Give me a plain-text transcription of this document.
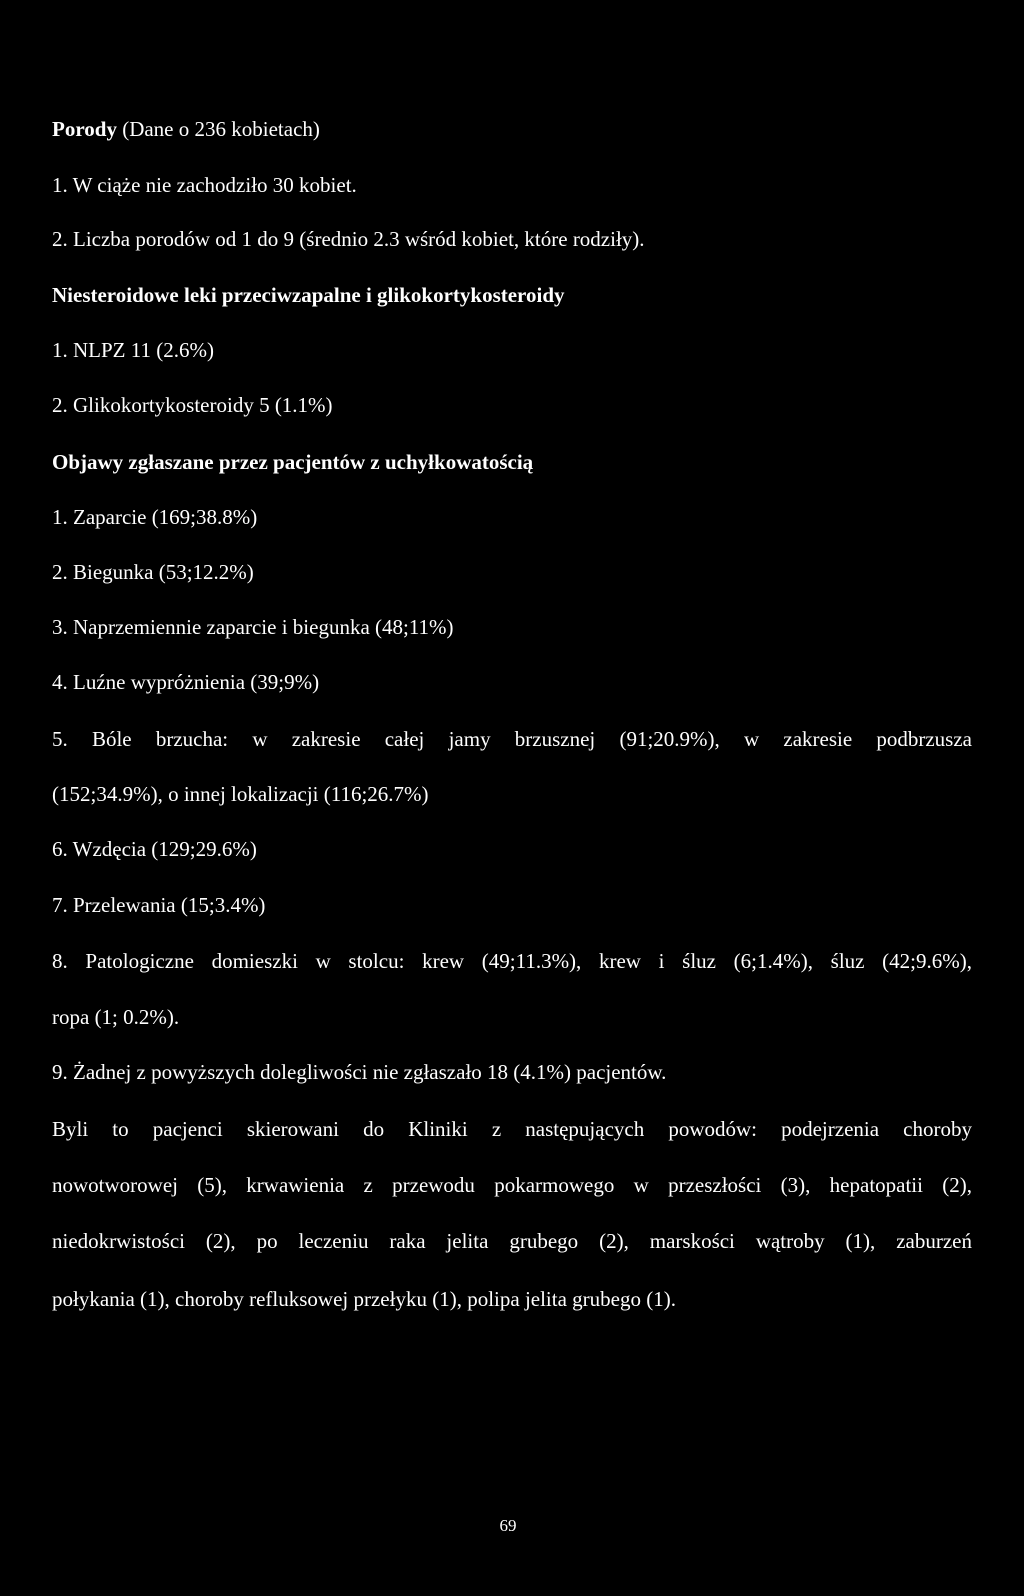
Porody (Dane o 236 kobietach)
1. W ciąże nie zachodziło 30 kobiet.
2. Liczba porodów od 1 do 9 (średnio 2.3 wśród kobiet, które rodziły).
Niesteroidowe leki przeciwzapalne i glikokortykosteroidy
1. NLPZ 11 (2.6%)
2. Glikokortykosteroidy 5 (1.1%)
Objawy zgłaszane przez pacjentów z uchyłkowatością
1. Zaparcie (169;38.8%)
2. Biegunka (53;12.2%)
3. Naprzemiennie zaparcie i biegunka (48;11%)
4. Luźne wypróżnienia (39;9%)
5. Bóle brzucha: w zakresie całej jamy brzusznej (91;20.9%), w zakresie podbrzusza
(152;34.9%), o innej lokalizacji (116;26.7%)
6. Wzdęcia (129;29.6%)
7. Przelewania (15;3.4%)
8. Patologiczne domieszki w stolcu: krew (49;11.3%), krew i śluz (6;1.4%), śluz (42;9.6%),
ropa (1; 0.2%).
9. Żadnej z powyższych dolegliwości nie zgłaszało 18 (4.1%) pacjentów.
Byli to pacjenci skierowani do Kliniki z następujących powodów: podejrzenia choroby
nowotworowej (5), krwawienia z przewodu pokarmowego w przeszłości (3), hepatopatii (2),
niedokrwistości (2), po leczeniu raka jelita grubego (2), marskości wątroby (1), zaburzeń
połykania (1), choroby refluksowej przełyku (1), polipa jelita grubego (1).
69
